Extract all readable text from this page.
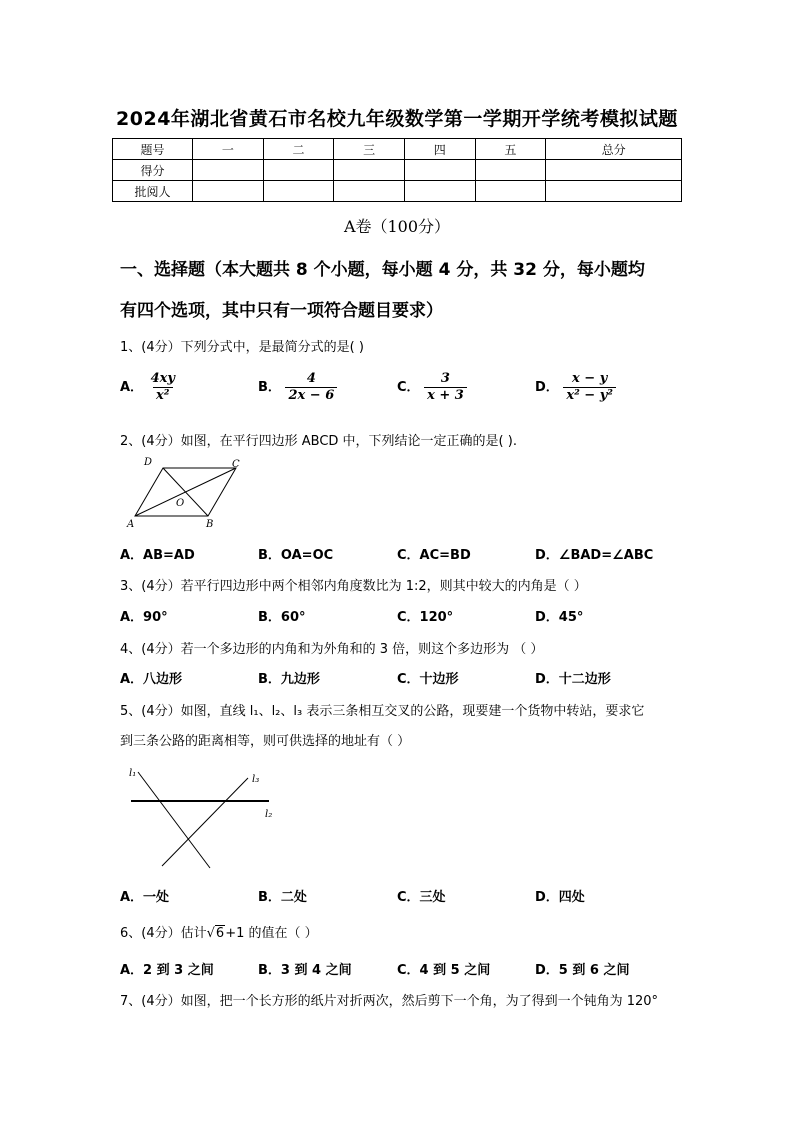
2024年湖北省黄石市名校九年级数学第一学期开学统考模拟试题
题号	一	二	三	四	五	总分
得分						
批阅人						
A卷（100分）
一、选择题（本大题共 8 个小题，每小题 4 分，共 32 分，每小题均
有四个选项，其中只有一项符合题目要求）
1、(4分）下列分式中，是最简分式的是( )
A． $\frac{4xy}{\text{x²}}$	B． $\frac{4}{2x - 6}$	C． $\frac{3}{x + 3}$	D． $\frac{x - y}{\text{x² − y²}}$
2、(4分）如图，在平行四边形 ABCD 中，下列结论一定正确的是( ).
A	B
C
D
O
A．AB=AD	B．OA=OC	C．AC=BD	D．∠BAD=∠ABC
3、(4分）若平行四边形中两个相邻内角度数比为 1:2，则其中较大的内角是（ ）
A．90°	B．60°	C．120°	D．45°
4、(4分）若一个多边形的内角和为外角和的 3 倍，则这个多边形为 （ ）
A．八边形	B．九边形	C．十边形	D．十二边形
5、(4分）如图，直线 l₁、l₂、l₃ 表示三条相互交叉的公路，现要建一个货物中转站，要求它
到三条公路的距离相等，则可供选择的地址有（ ）
l₁
l₃
l₂
A．一处	B．二处	C．三处	D．四处
6、(4分）估计√6+1 的值在（ ）
A．2 到 3 之间	B．3 到 4 之间	C．4 到 5 之间	D．5 到 6 之间
7、(4分）如图，把一个长方形的纸片对折两次，然后剪下一个角，为了得到一个钝角为 120°
